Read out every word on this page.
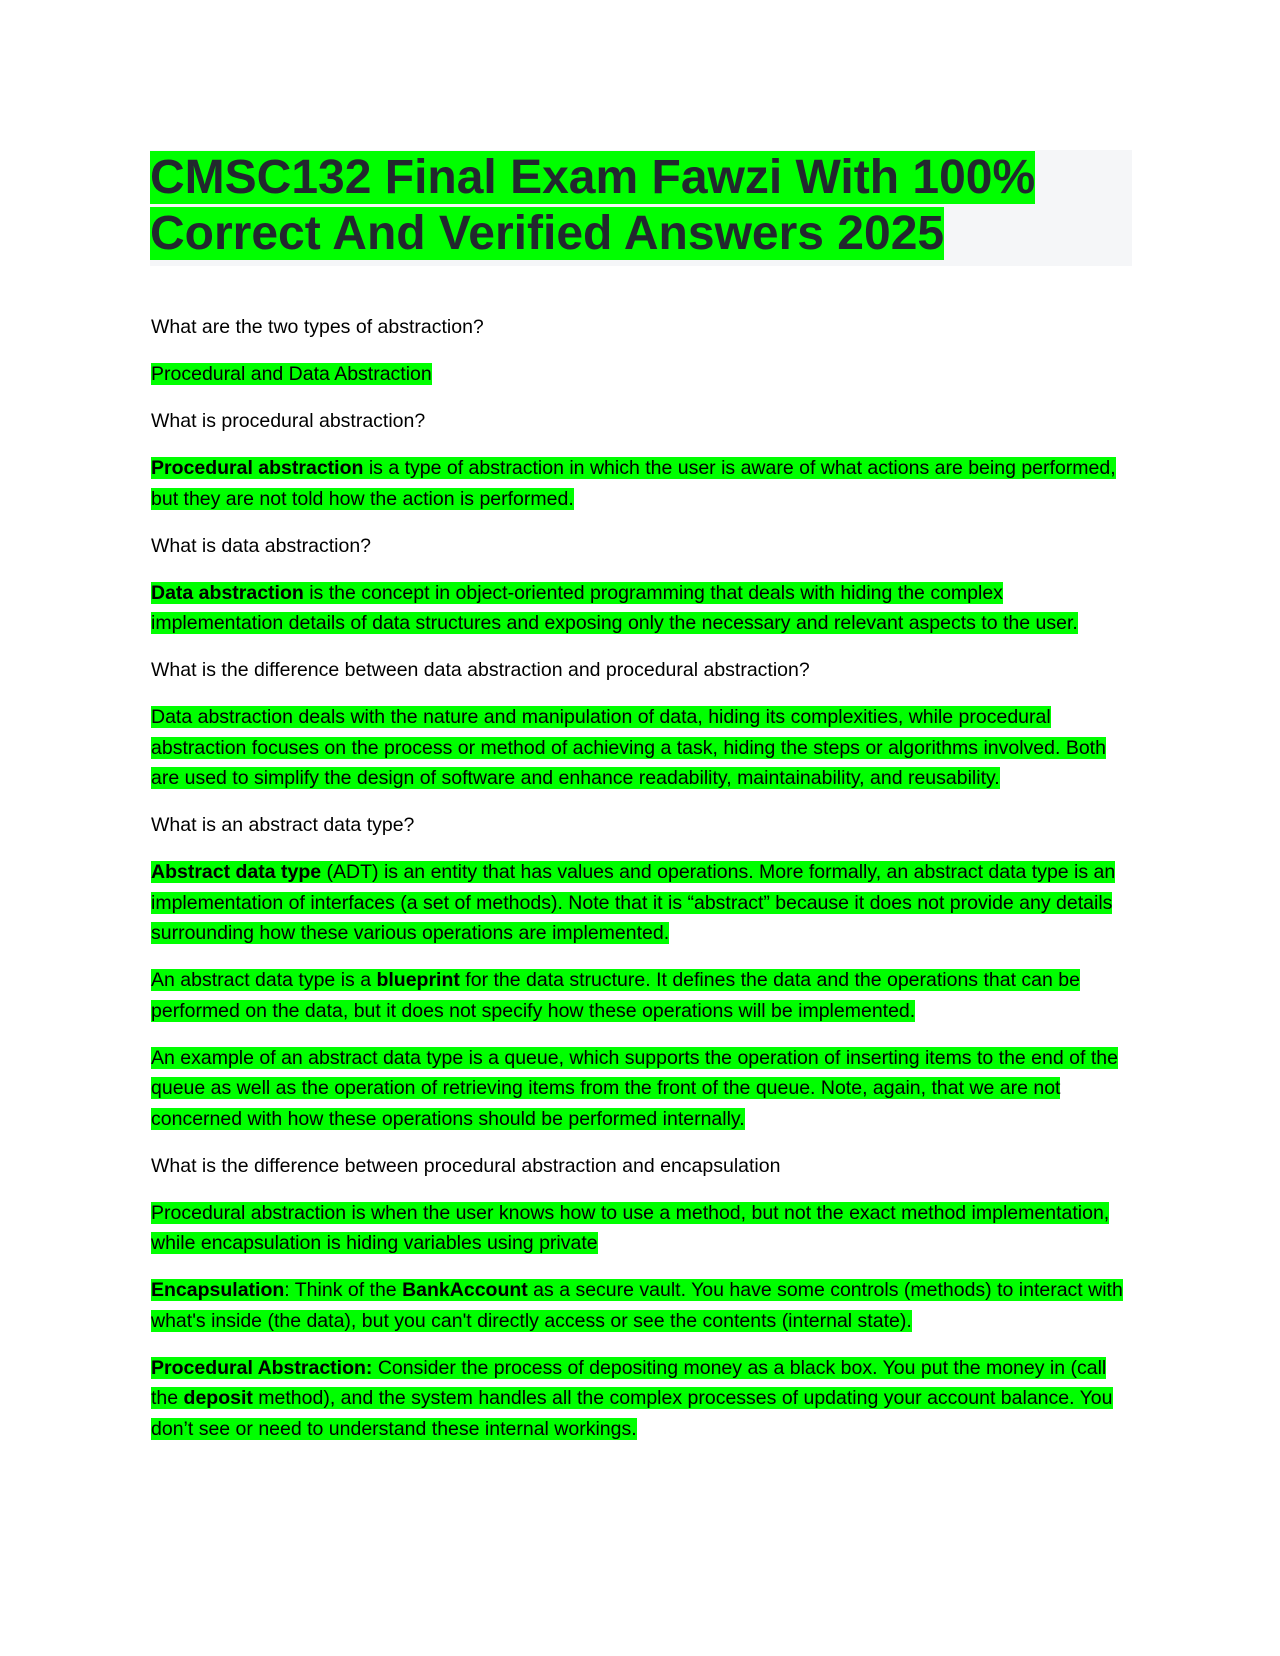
CMSC132 Final Exam Fawzi With 100%
Correct And Verified Answers 2025

What are the two types of abstraction?

Procedural and Data Abstraction

What is procedural abstraction?

Procedural abstraction is a type of abstraction in which the user is aware of what actions are being performed, but they are not told how the action is performed.

What is data abstraction?

Data abstraction is the concept in object-oriented programming that deals with hiding the complex implementation details of data structures and exposing only the necessary and relevant aspects to the user.

What is the difference between data abstraction and procedural abstraction?

Data abstraction deals with the nature and manipulation of data, hiding its complexities, while procedural abstraction focuses on the process or method of achieving a task, hiding the steps or algorithms involved. Both are used to simplify the design of software and enhance readability, maintainability, and reusability.

What is an abstract data type?

Abstract data type (ADT) is an entity that has values and operations. More formally, an abstract data type is an implementation of interfaces (a set of methods). Note that it is “abstract” because it does not provide any details surrounding how these various operations are implemented.

An abstract data type is a blueprint for the data structure. It defines the data and the operations that can be performed on the data, but it does not specify how these operations will be implemented.

An example of an abstract data type is a queue, which supports the operation of inserting items to the end of the queue as well as the operation of retrieving items from the front of the queue. Note, again, that we are not concerned with how these operations should be performed internally.

What is the difference between procedural abstraction and encapsulation

Procedural abstraction is when the user knows how to use a method, but not the exact method implementation, while encapsulation is hiding variables using private

Encapsulation: Think of the BankAccount as a secure vault. You have some controls (methods) to interact with what's inside (the data), but you can't directly access or see the contents (internal state).

Procedural Abstraction: Consider the process of depositing money as a black box. You put the money in (call the deposit method), and the system handles all the complex processes of updating your account balance. You don’t see or need to understand these internal workings.
